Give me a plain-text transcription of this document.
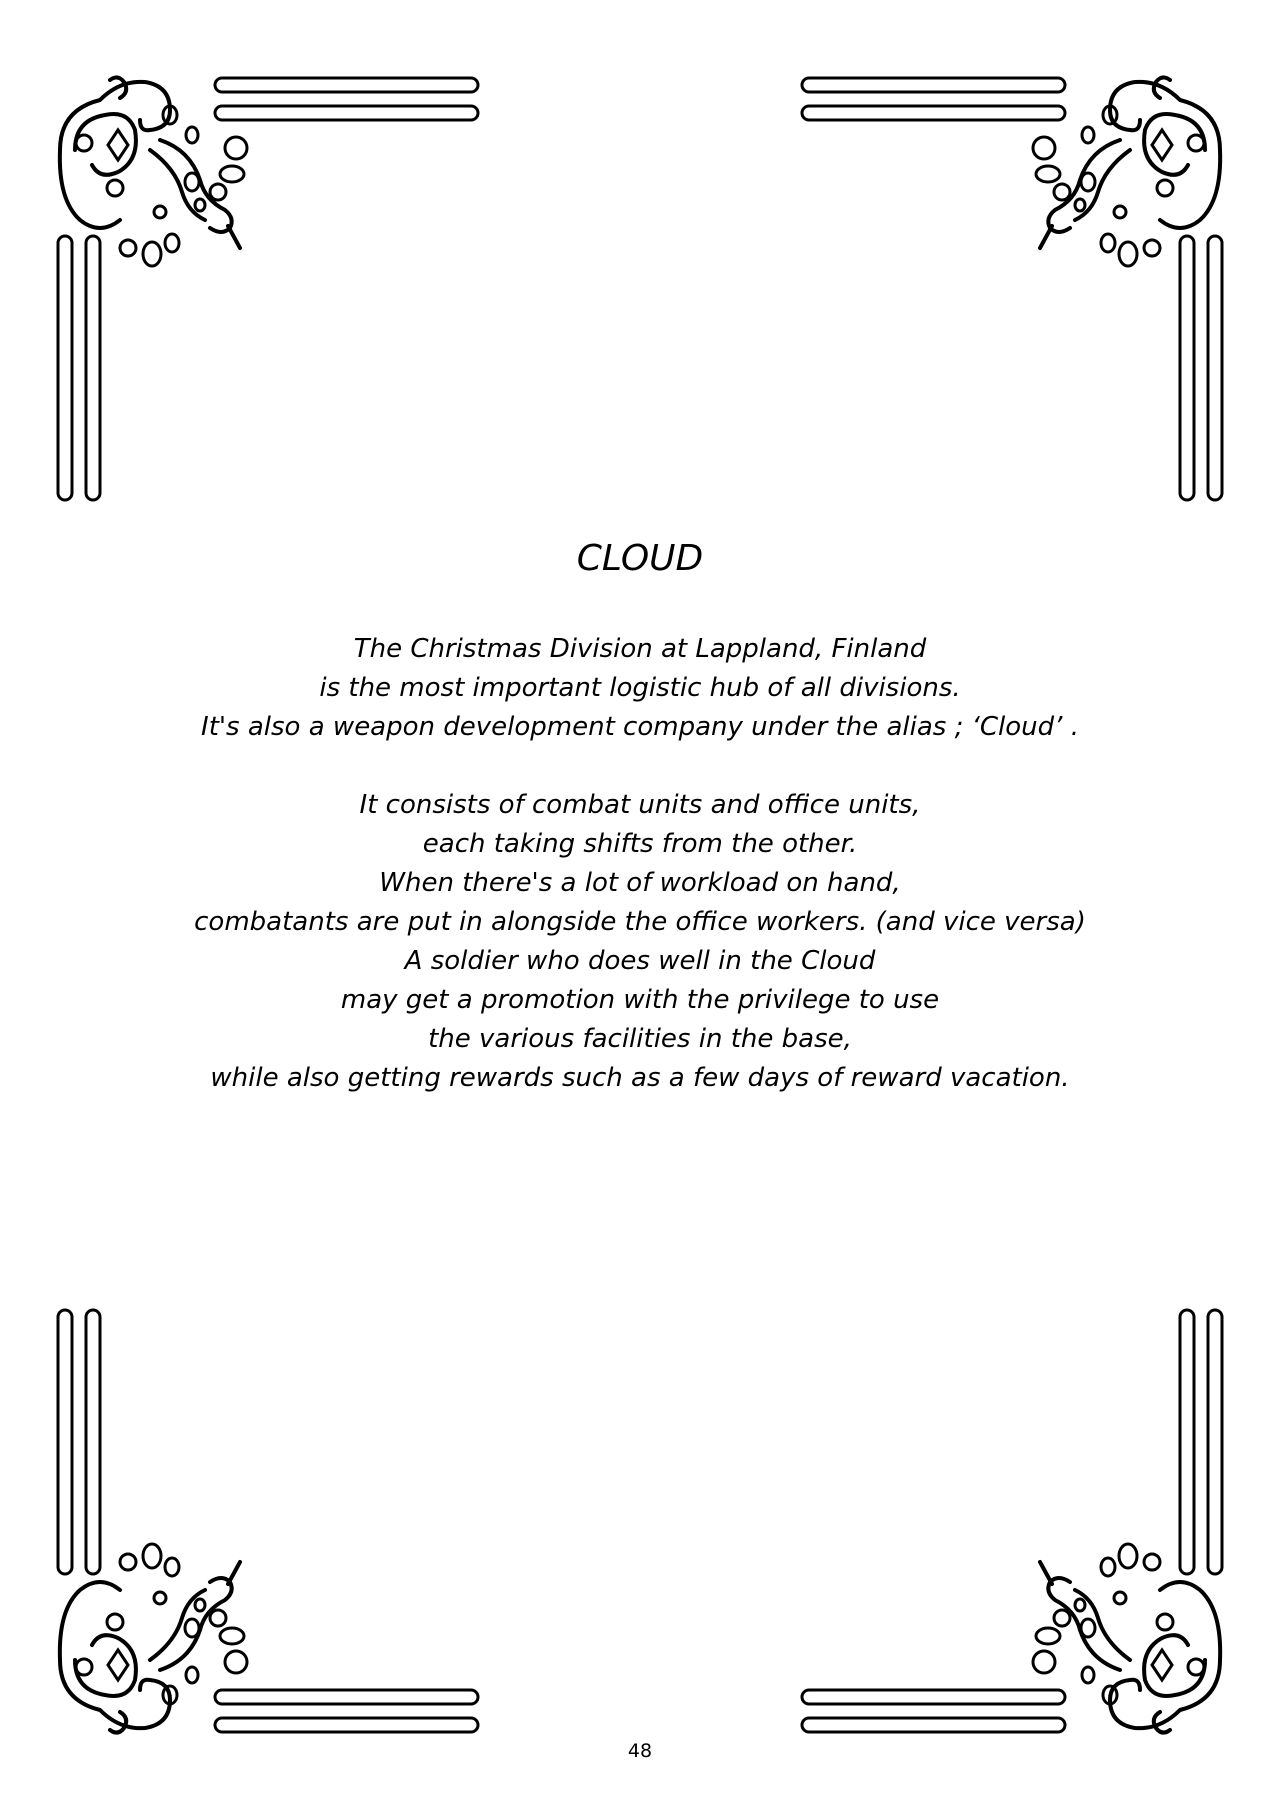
CLOUD
The Christmas Division at Lappland, Finland
is the most important logistic hub of all divisions.
It's also a weapon development company under the alias ; ‘Cloud’ .
It consists of combat units and office units,
each taking shifts from the other.
When there's a lot of workload on hand,
combatants are put in alongside the office workers. (and vice versa)
A soldier who does well in the Cloud
may get a promotion with the privilege to use
the various facilities in the base,
while also getting rewards such as a few days of reward vacation.
48
